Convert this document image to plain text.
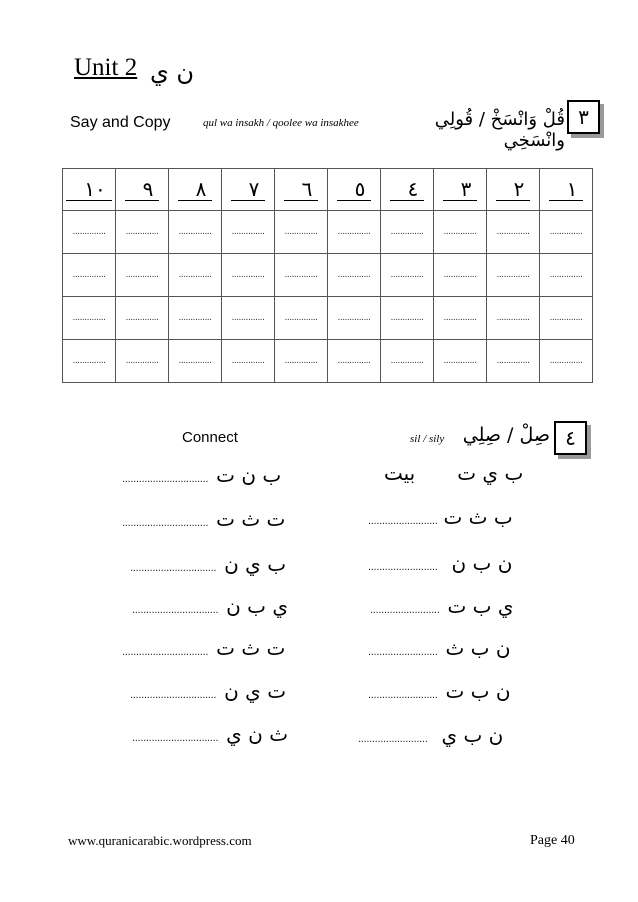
Unit 2 ن ي
٣
Say and Copy	qul wa insakh / qoolee wa insakhee	قُلْ وَانْسَخْ / قُولِي وانْسَخِي
١	٢	٣	٤	٥	٦	٧	٨	٩	١٠
..............	..............	..............	..............	..............	..............	..............	..............	..............	..............
..............	..............	..............	..............	..............	..............	..............	..............	..............	..............
..............	..............	..............	..............	..............	..............	..............	..............	..............	..............
..............	..............	..............	..............	..............	..............	..............	..............	..............	..............
٤
Connect	sil / sily صِلْ / صِلِي
بيت ب ي ت
......................... ب ث ت
......................... ن ب ن
......................... ي ب ت
......................... ن ب ث
......................... ن ب ت
......................... ن ب ي
............................... ب ن ت
............................... ت ث ت
............................... ب ي ن
............................... ي ب ن
............................... ت ث ت
............................... ت ي ن
............................... ث ن ي
www.quranicarabic.wordpress.com	Page 40
